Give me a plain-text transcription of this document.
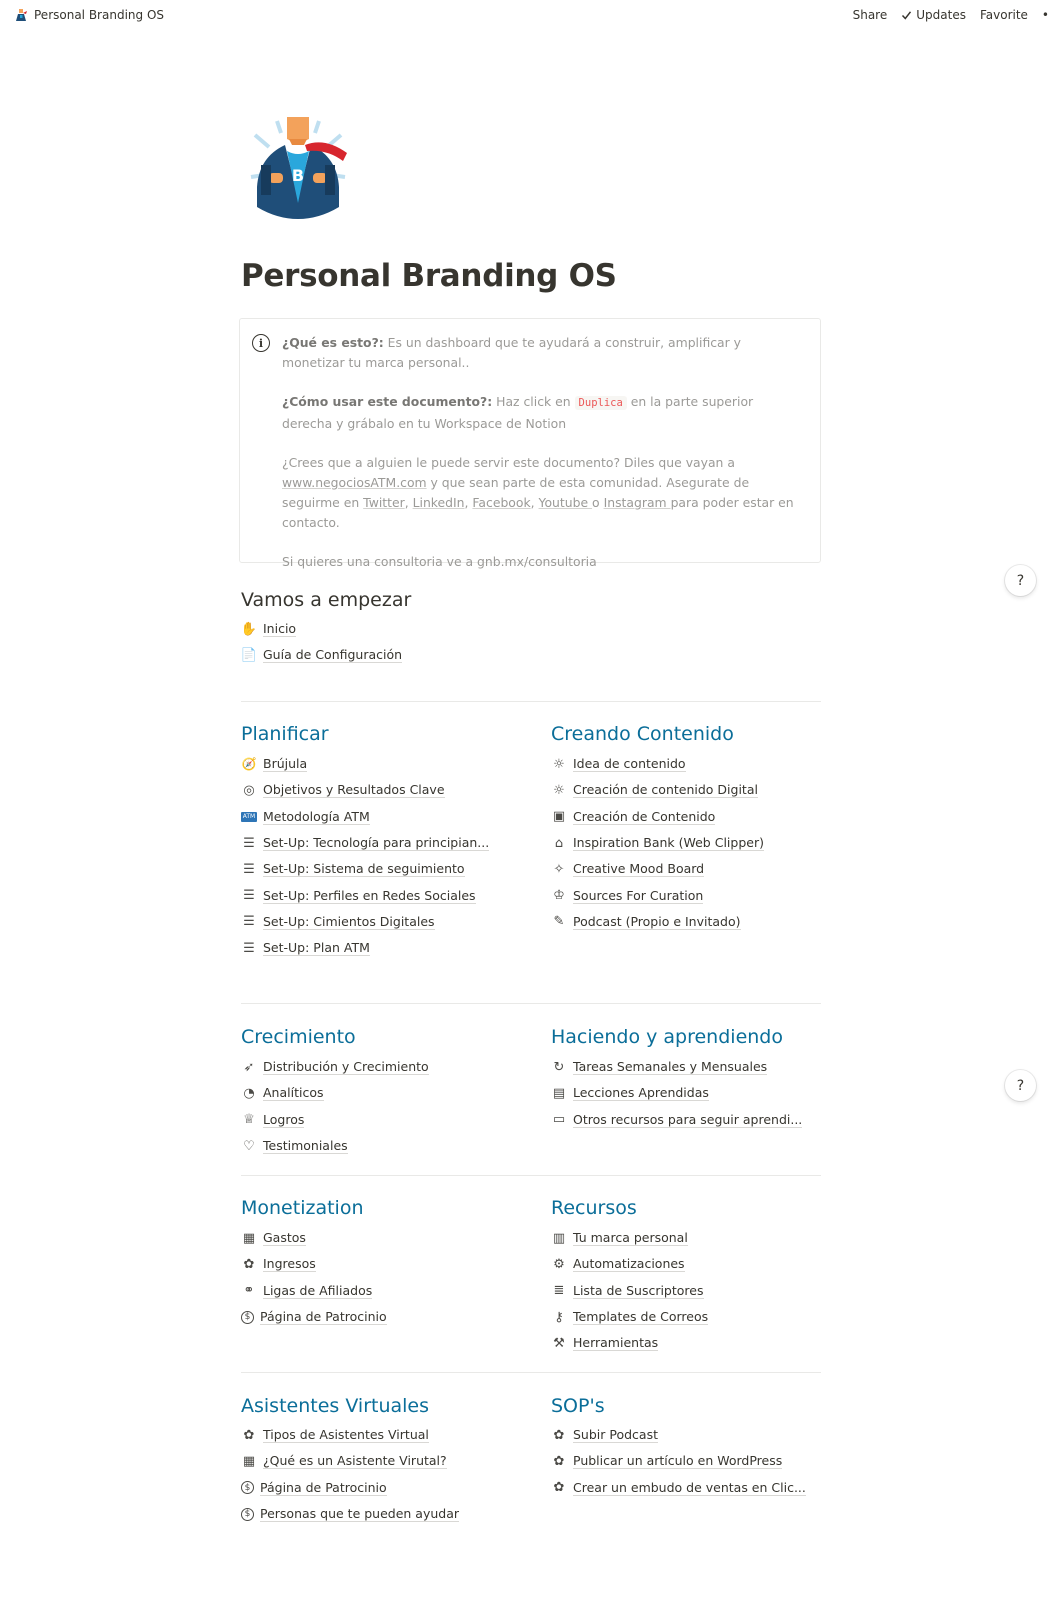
Personal Branding OS	Share Updates Favorite •
B
Personal Branding OS
i	¿Qué es esto?: Es un dashboard que te ayudará a construir, amplificar y monetizar tu marca personal..

¿Cómo usar este documento?: Haz click en Duplica en la parte superior derecha y grábalo en tu Workspace de Notion

¿Crees que a alguien le puede servir este documento? Diles que vayan a www.negociosATM.com y que sean parte de esta comunidad. Asegurate de seguirme en Twitter, LinkedIn, Facebook, Youtube o Instagram para poder estar en contacto.

Si quieres una consultoria ve a gnb.mx/consultoria

Vamos a empezar
✋ Inicio
📄 Guía de Configuración
Planificar
🧭 Brújula
◎ Objetivos y Resultados Clave
ATM Metodología ATM
☰ Set-Up: Tecnología para principian...
☰ Set-Up: Sistema de seguimiento
☰ Set-Up: Perfiles en Redes Sociales
☰ Set-Up: Cimientos Digitales
☰ Set-Up: Plan ATM
Creando Contenido
☼ Idea de contenido
☼ Creación de contenido Digital
▣ Creación de Contenido
⌂ Inspiration Bank (Web Clipper)
✧ Creative Mood Board
♔ Sources For Curation
✎ Podcast (Propio e Invitado)
Crecimiento
➶ Distribución y Crecimiento
◔ Analíticos
♕ Logros
♡ Testimoniales
Haciendo y aprendiendo
↻ Tareas Semanales y Mensuales
▤ Lecciones Aprendidas
▭ Otros recursos para seguir aprendi...
Monetization
▦ Gastos
✿ Ingresos
⚭ Ligas de Afiliados
$ Página de Patrocinio
Recursos
▥ Tu marca personal
⚙ Automatizaciones
≣ Lista de Suscriptores
⚷ Templates de Correos
⚒ Herramientas
Asistentes Virtuales
✿ Tipos de Asistentes Virtual
▦ ¿Qué es un Asistente Virutal?
$ Página de Patrocinio
$ Personas que te pueden ayudar
SOP's
✿ Subir Podcast
✿ Publicar un artículo en WordPress
✿ Crear un embudo de ventas en Clic...
?
?
